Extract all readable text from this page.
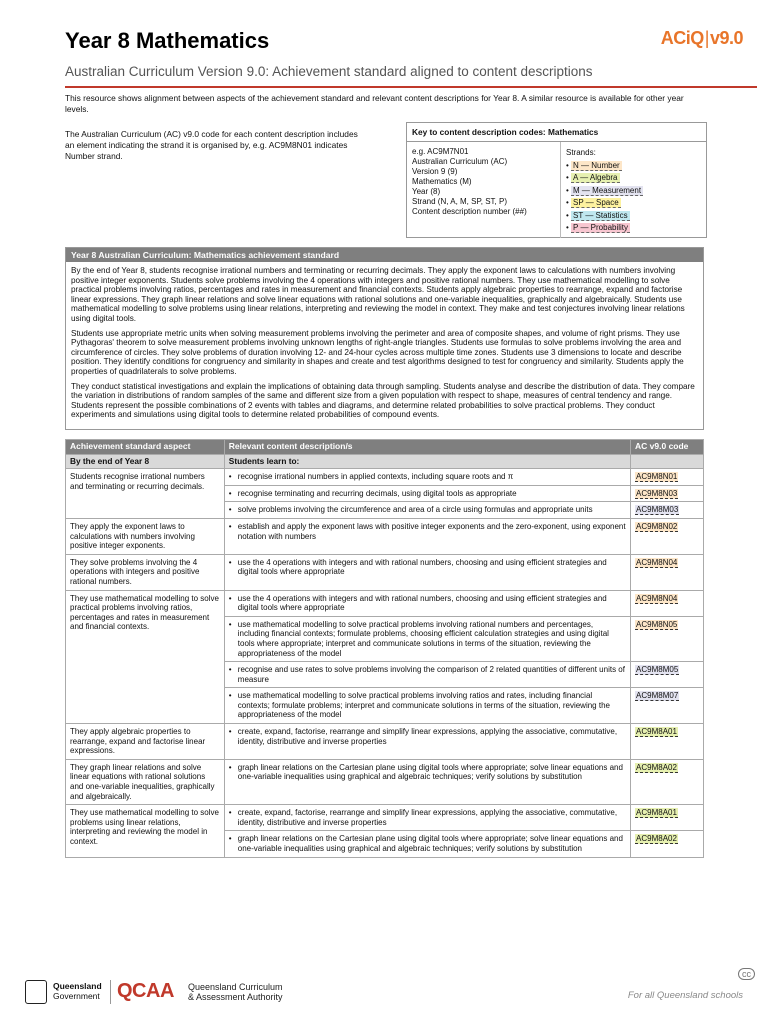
Year 8 Mathematics
Australian Curriculum Version 9.0: Achievement standard aligned to content descriptions
ACiQ|v9.0
This resource shows alignment between aspects of the achievement standard and relevant content descriptions for Year 8. A similar resource is available for other year levels.
The Australian Curriculum (AC) v9.0 code for each content description includes an element indicating the strand it is organised by, e.g. AC9M8N01 indicates Number strand.
Key to content description codes: Mathematics
e.g. AC9M7N01
Australian Curriculum (AC)
Version 9 (9)
Mathematics (M)
Year (8)
Strand (N, A, M, SP, ST, P)
Content description number (##)
Strands:
• N — Number
• A — Algebra
• M — Measurement
• SP — Space
• ST — Statistics
• P — Probability
Year 8 Australian Curriculum: Mathematics achievement standard

By the end of Year 8, students recognise irrational numbers and terminating or recurring decimals. They apply the exponent laws to calculations with numbers involving positive integer exponents. Students solve problems involving the 4 operations with integers and positive rational numbers. They use mathematical modelling to solve practical problems involving ratios, percentages and rates in measurement and financial contexts. Students apply algebraic properties to rearrange, expand and factorise linear expressions. They graph linear relations and solve linear equations with rational solutions and one-variable inequalities, graphically and algebraically. Students use mathematical modelling to solve problems using linear relations, interpreting and reviewing the model in context. They make and test conjectures involving linear relations using digital tools.

Students use appropriate metric units when solving measurement problems involving the perimeter and area of composite shapes, and volume of right prisms. They use Pythagoras' theorem to solve measurement problems involving unknown lengths of right-angle triangles. Students use formulas to solve problems involving the area and circumference of circles. They solve problems of duration involving 12- and 24-hour cycles across multiple time zones. Students use 3 dimensions to locate and describe position. They identify conditions for congruency and similarity in shapes and create and test algorithms designed to test for congruency and similarity. Students apply the properties of quadrilaterals to solve problems.

They conduct statistical investigations and explain the implications of obtaining data through sampling. Students analyse and describe the distribution of data. They compare the variation in distributions of random samples of the same and different size from a given population with respect to shape, measures of central tendency and range. Students represent the possible combinations of 2 events with tables and diagrams, and determine related probabilities to solve practical problems. They conduct experiments and simulations using digital tools to determine related probabilities of compound events.

Achievement standard aspect	Relevant content description/s	AC v9.0 code
By the end of Year 8	Students learn to:	
Students recognise irrational numbers and terminating or recurring decimals.	• recognise irrational numbers in applied contexts, including square roots and π	AC9M8N01

	• recognise terminating and recurring decimals, using digital tools as appropriate	AC9M8N03

	• solve problems involving the circumference and area of a circle using formulas and appropriate units	AC9M8M03
They apply the exponent laws to calculations with numbers involving positive integer exponents.	• establish and apply the exponent laws with positive integer exponents and the zero-exponent, using exponent notation with numbers	AC9M8N02
They solve problems involving the 4 operations with integers and positive rational numbers.	• use the 4 operations with integers and with rational numbers, choosing and using efficient strategies and digital tools where appropriate	AC9M8N04
They use mathematical modelling to solve practical problems involving ratios, percentages and rates in measurement and financial contexts.	• use the 4 operations with integers and with rational numbers, choosing and using efficient strategies and digital tools where appropriate	AC9M8N04

	• use mathematical modelling to solve practical problems involving rational numbers and percentages, including financial contexts; formulate problems, choosing efficient calculation strategies and using digital tools where appropriate; interpret and communicate solutions in terms of the situation, reviewing the appropriateness of the model	AC9M8N05

	• recognise and use rates to solve problems involving the comparison of 2 related quantities of different units of measure	AC9M8M05

	• use mathematical modelling to solve practical problems involving ratios and rates, including financial contexts; formulate problems; interpret and communicate solutions in terms of the situation, reviewing the appropriateness of the model	AC9M8M07
They apply algebraic properties to rearrange, expand and factorise linear expressions.	• create, expand, factorise, rearrange and simplify linear expressions, applying the associative, commutative, identity, distributive and inverse properties	AC9M8A01
They graph linear relations and solve linear equations with rational solutions and one-variable inequalities, graphically and algebraically.	• graph linear relations on the Cartesian plane using digital tools where appropriate; solve linear equations and one-variable inequalities using graphical and algebraic techniques; verify solutions by substitution	AC9M8A02
They use mathematical modelling to solve problems using linear relations, interpreting and reviewing the model in context.	• create, expand, factorise, rearrange and simplify linear expressions, applying the associative, commutative, identity, distributive and inverse properties	AC9M8A01

	• graph linear relations on the Cartesian plane using digital tools where appropriate; solve linear equations and one-variable inequalities using graphical and algebraic techniques; verify solutions by substitution	AC9M8A02
Queensland
Government QCAA Queensland Curriculum
& Assessment Authority
cc
For all Queensland schools
